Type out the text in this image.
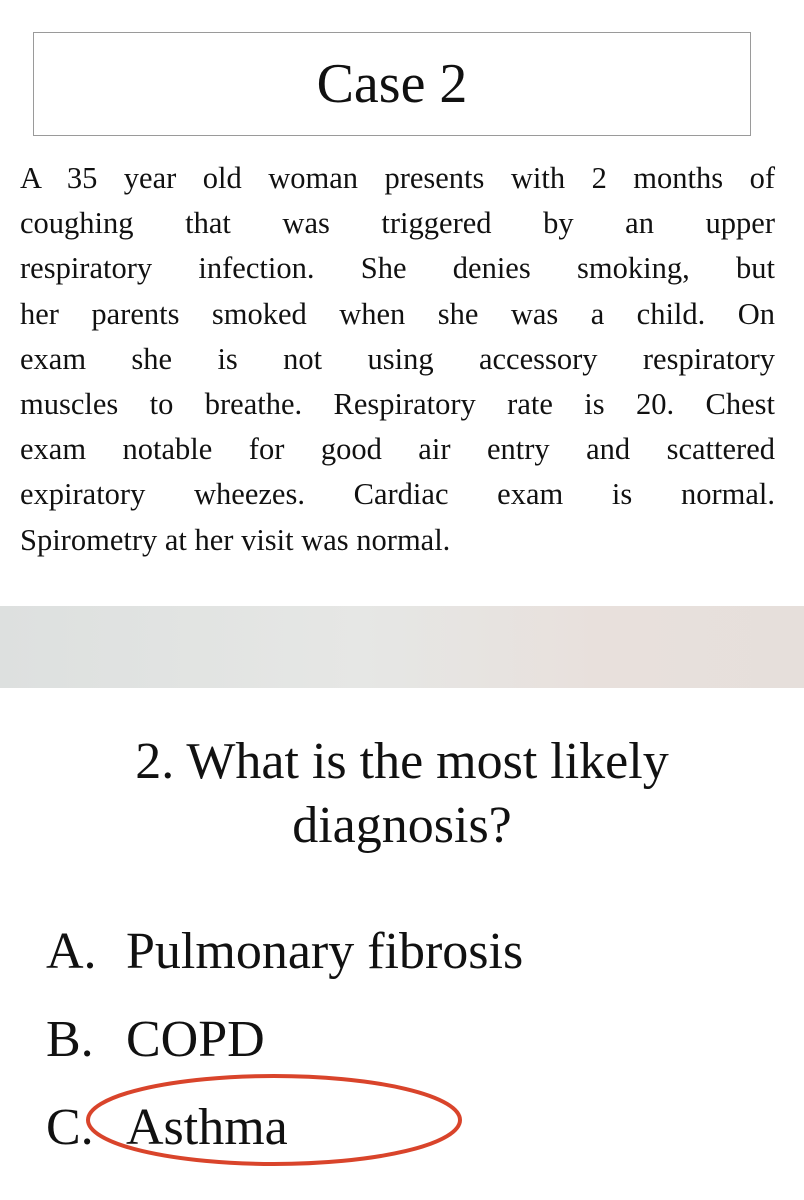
Case 2
A 35 year old woman presents with 2 months of
coughing that was triggered by an upper
respiratory infection. She denies smoking, but
her parents smoked when she was a child. On
exam she is not using accessory respiratory
muscles to breathe. Respiratory rate is 20. Chest
exam notable for good air entry and scattered
expiratory wheezes. Cardiac exam is normal.
Spirometry at her visit was normal.
2. What is the most likely
diagnosis?
A. Pulmonary fibrosis
B. COPD
C. Asthma
